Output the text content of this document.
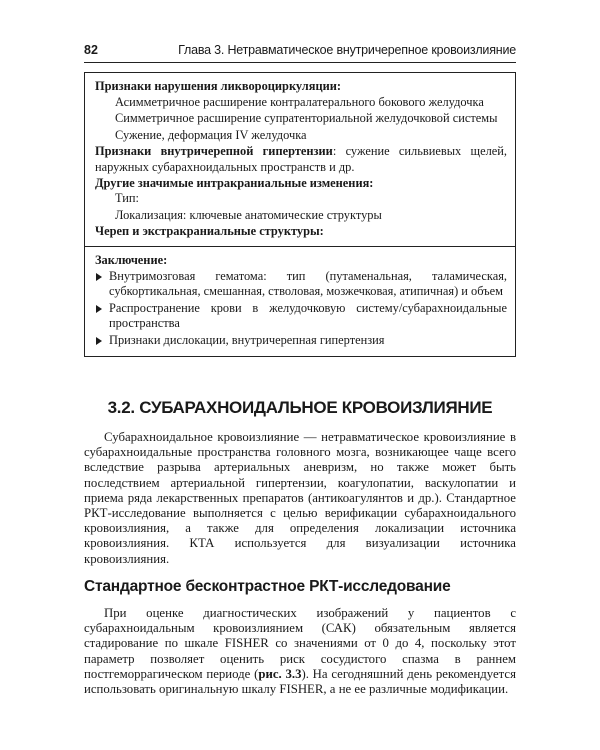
82	Глава 3. Нетравматическое внутричерепное кровоизлияние

Признаки нарушения ликвороциркуляции:

Асимметричное расширение контралатерального бокового желудочка

Симметричное расширение супратенториальной желудочковой системы

Сужение, деформация IV желудочка

Признаки внутричерепной гипертензии: сужение сильвиевых щелей, наружных субарахноидальных пространств и др.

Другие значимые интракраниальные изменения:

Тип:

Локализация: ключевые анатомические структуры

Череп и экстракраниальные структуры:

Заключение:

Внутримозговая гематома: тип (путаменальная, таламическая, субкортикальная, смешанная, стволовая, мозжечковая, атипичная) и объем
Распространение крови в желудочковую систему/субарахноидальные пространства
Признаки дислокации, внутричерепная гипертензия
3.2. СУБАРАХНОИДАЛЬНОЕ КРОВОИЗЛИЯНИЕ

Субарахноидальное кровоизлияние — нетравматическое кровоизлияние в субарахноидальные пространства головного мозга, возникающее чаще всего вследствие разрыва артериальных аневризм, но также может быть последствием артериальной гипертензии, коагулопатии, васкулопатии и приема ряда лекарственных препаратов (антикоагулянтов и др.). Стандартное РКТ-исследование выполняется с целью верификации субарахноидального кровоизлияния, а также для определения локализации источника кровоизлияния. КТА используется для визуализации источника кровоизлияния.

Стандартное бесконтрастное РКТ-исследование

При оценке диагностических изображений у пациентов с субарахноидальным кровоизлиянием (САК) обязательным является стадирование по шкале FISHER со значениями от 0 до 4, поскольку этот параметр позволяет оценить риск сосудистого спазма в раннем постгеморрагическом периоде (рис. 3.3). На сегодняшний день рекомендуется использовать оригинальную шкалу FISHER, а не ее различные модификации.
